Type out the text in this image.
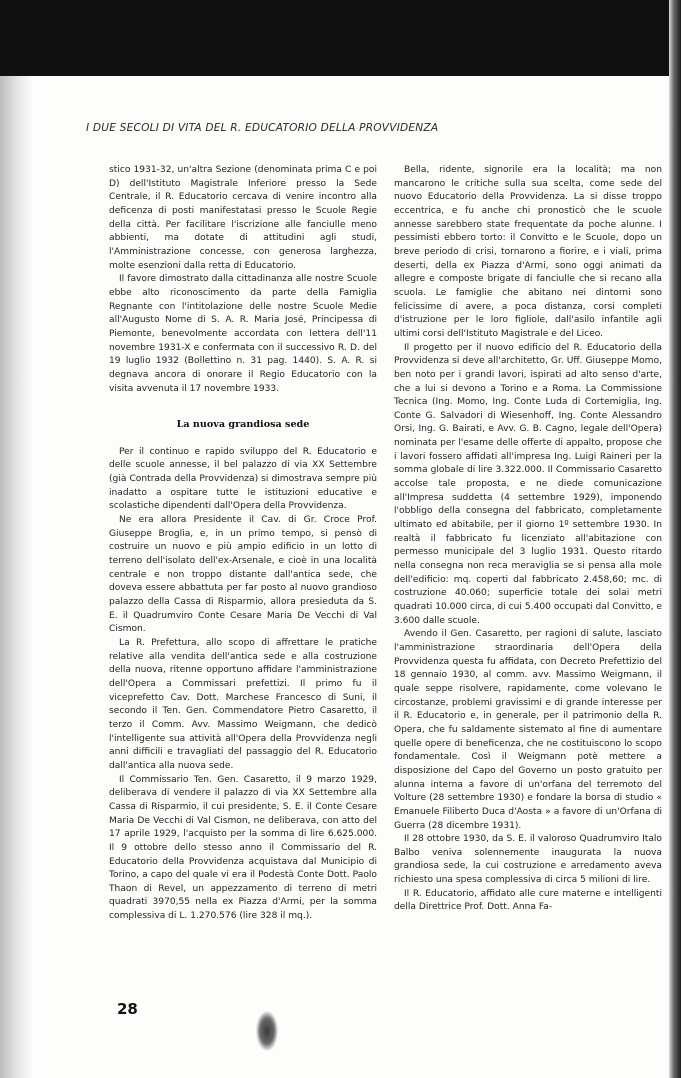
I DUE SECOLI DI VITA DEL R. EDUCATORIO DELLA PROVVIDENZA

stico 1931-32, un'altra Sezione (denominata prima C e poi D) dell'Istituto Magistrale Inferiore presso la Sede Centrale, il R. Educatorio cercava di venire incontro alla deficenza di posti manifestatasi presso le Scuole Regie della città. Per facilitare l'iscrizione alle fanciulle meno abbienti, ma dotate di attitudini agli studi, l'Amministrazione concesse, con generosa larghezza, molte esenzioni dalla retta di Educatorio.

Il favore dimostrato dalla cittadinanza alle nostre Scuole ebbe alto riconoscimento da parte della Famiglia Regnante con l'intitolazione delle nostre Scuole Medie all'Augusto Nome di S. A. R. Maria José, Principessa di Piemonte, benevolmente accordata con lettera dell'11 novembre 1931-X e confermata con il successivo R. D. del 19 luglio 1932 (Bollettino n. 31 pag. 1440). S. A. R. si degnava ancora di onorare il Regio Educatorio con la visita avvenuta il 17 novembre 1933.

La nuova grandiosa sede

Per il continuo e rapido sviluppo del R. Educatorio e delle scuole annesse, il bel palazzo di via XX Settembre (già Contrada della Provvidenza) si dimostrava sempre più inadatto a ospitare tutte le istituzioni educative e scolastiche dipendenti dall'Opera della Provvidenza.

Ne era allora Presidente il Cav. di Gr. Croce Prof. Giuseppe Broglia, e, in un primo tempo, si pensò di costruire un nuovo e più ampio edificio in un lotto di terreno dell'isolato dell'ex-Arsenale, e cioè in una località centrale e non troppo distante dall'antica sede, che doveva essere abbattuta per far posto al nuovo grandioso palazzo della Cassa di Risparmio, allora presieduta da S. E. il Quadrumviro Conte Cesare Maria De Vecchi di Val Cismon.

La R. Prefettura, allo scopo di affrettare le pratiche relative alla vendita dell'antica sede e alla costruzione della nuova, ritenne opportuno affidare l'amministrazione dell'Opera a Commissari prefettizi. Il primo fu il viceprefetto Cav. Dott. Marchese Francesco di Suni, il secondo il Ten. Gen. Commendatore Pietro Casaretto, il terzo il Comm. Avv. Massimo Weigmann, che dedicò l'intelligente sua attività all'Opera della Provvidenza negli anni difficili e travagliati del passaggio del R. Educatorio dall'antica alla nuova sede.

Il Commissario Ten. Gen. Casaretto, il 9 marzo 1929, deliberava di vendere il palazzo di via XX Settembre alla Cassa di Risparmio, il cui presidente, S. E. il Conte Cesare Maria De Vecchi di Val Cismon, ne deliberava, con atto del 17 aprile 1929, l'acquisto per la somma di lire 6.625.000. Il 9 ottobre dello stesso anno il Commissario del R. Educatorio della Provvidenza acquistava dal Municipio di Torino, a capo del quale vi era il Podestà Conte Dott. Paolo Thaon di Revel, un appezzamento di terreno di metri quadrati 3970,55 nella ex Piazza d'Armi, per la somma complessiva di L. 1.270.576 (lire 328 il mq.).

Bella, ridente, signorile era la località; ma non mancarono le critiche sulla sua scelta, come sede del nuovo Educatorio della Provvidenza. La si disse troppo eccentrica, e fu anche chi pronosticò che le scuole annesse sarebbero state frequentate da poche alunne. I pessimisti ebbero torto: il Convitto e le Scuole, dopo un breve periodo di crisi, tornarono a fiorire, e i viali, prima deserti, della ex Piazza d'Armi, sono oggi animati da allegre e composte brigate di fanciulle che si recano alla scuola. Le famiglie che abitano nei dintorni sono felicissime di avere, a poca distanza, corsi completi d'istruzione per le loro figliole, dall'asilo infantile agli ultimi corsi dell'Istituto Magistrale e del Liceo.

Il progetto per il nuovo edificio del R. Educatorio della Provvidenza si deve all'architetto, Gr. Uff. Giuseppe Momo, ben noto per i grandi lavori, ispirati ad alto senso d'arte, che a lui si devono a Torino e a Roma. La Commissione Tecnica (Ing. Momo, Ing. Conte Luda di Cortemiglia, Ing. Conte G. Salvadori di Wiesenhoff, Ing. Conte Alessandro Orsi, Ing. G. Bairati, e Avv. G. B. Cagno, legale dell'Opera) nominata per l'esame delle offerte di appalto, propose che i lavori fossero affidati all'impresa Ing. Luigi Raineri per la somma globale di lire 3.322.000. Il Commissario Casaretto accolse tale proposta, e ne diede comunicazione all'Impresa suddetta (4 settembre 1929), imponendo l'obbligo della consegna del fabbricato, completamente ultimato ed abitabile, per il giorno 1º settembre 1930. In realtà il fabbricato fu licenziato all'abitazione con permesso municipale del 3 luglio 1931. Questo ritardo nella consegna non reca meraviglia se si pensa alla mole dell'edificio: mq. coperti dal fabbricato 2.458,60; mc. di costruzione 40.060; superficie totale dei solai metri quadrati 10.000 circa, di cui 5.400 occupati dal Convitto, e 3.600 dalle scuole.

Avendo il Gen. Casaretto, per ragioni di salute, lasciato l'amministrazione straordinaria dell'Opera della Provvidenza questa fu affidata, con Decreto Prefettizio del 18 gennaio 1930, al comm. avv. Massimo Weigmann, il quale seppe risolvere, rapidamente, come volevano le circostanze, problemi gravissimi e di grande interesse per il R. Educatorio e, in generale, per il patrimonio della R. Opera, che fu saldamente sistemato al fine di aumentare quelle opere di beneficenza, che ne costituiscono lo scopo fondamentale. Così il Weigmann potè mettere a disposizione del Capo del Governo un posto gratuito per alunna interna a favore di un'orfana del terremoto del Volture (28 settembre 1930) e fondare la borsa di studio « Emanuele Filiberto Duca d'Aosta » a favore di un'Orfana di Guerra (28 dicembre 1931).

Il 28 ottobre 1930, da S. E. il valoroso Quadrumviro Italo Balbo veniva solennemente inaugurata la nuova grandiosa sede, la cui costruzione e arredamento aveva richiesto una spesa complessiva di circa 5 milioni di lire.

Il R. Educatorio, affidato alle cure materne e intelligenti della Direttrice Prof. Dott. Anna Fa-

28
